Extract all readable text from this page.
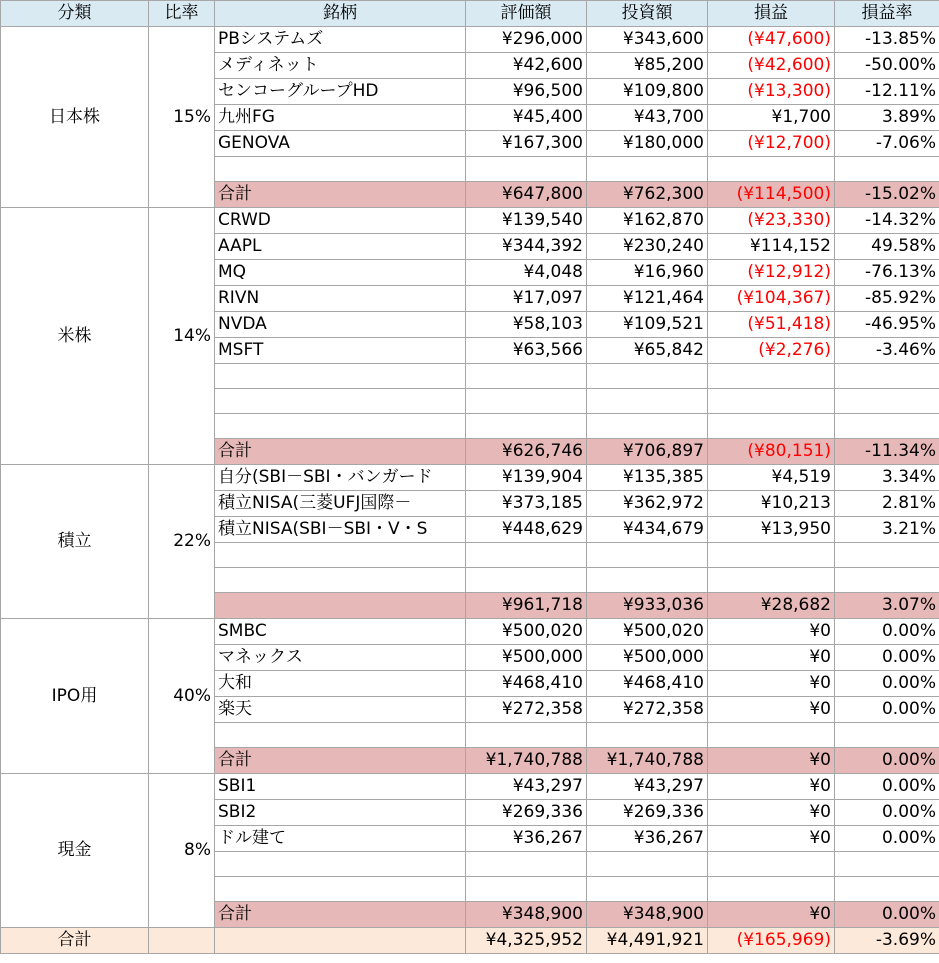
分類	比率	銘柄	評価額	投資額	損益	損益率
日本株	15%	PBシステムズ	¥296,000	¥343,600	(¥47,600)	-13.85%
		メディネット	¥42,600	¥85,200	(¥42,600)	-50.00%
		センコーグループHD	¥96,500	¥109,800	(¥13,300)	-12.11%
		九州FG	¥45,400	¥43,700	¥1,700	3.89%
		GENOVA	¥167,300	¥180,000	(¥12,700)	-7.06%

		合計	¥647,800	¥762,300	(¥114,500)	-15.02%
米株	14%	CRWD	¥139,540	¥162,870	(¥23,330)	-14.32%
		AAPL	¥344,392	¥230,240	¥114,152	49.58%
		MQ	¥4,048	¥16,960	(¥12,912)	-76.13%
		RIVN	¥17,097	¥121,464	(¥104,367)	-85.92%
		NVDA	¥58,103	¥109,521	(¥51,418)	-46.95%
		MSFT	¥63,566	¥65,842	(¥2,276)	-3.46%

		合計	¥626,746	¥706,897	(¥80,151)	-11.34%
積立	22%	自分(SBI－SBI・バンガード	¥139,904	¥135,385	¥4,519	3.34%
		積立NISA(三菱UFJ国際－	¥373,185	¥362,972	¥10,213	2.81%
		積立NISA(SBI－SBI・V・S	¥448,629	¥434,679	¥13,950	3.21%

			¥961,718	¥933,036	¥28,682	3.07%
IPO用	40%	SMBC	¥500,020	¥500,020	¥0	0.00%
		マネックス	¥500,000	¥500,000	¥0	0.00%
		大和	¥468,410	¥468,410	¥0	0.00%
		楽天	¥272,358	¥272,358	¥0	0.00%

		合計	¥1,740,788	¥1,740,788	¥0	0.00%
現金	8%	SBI1	¥43,297	¥43,297	¥0	0.00%
		SBI2	¥269,336	¥269,336	¥0	0.00%
		ドル建て	¥36,267	¥36,267	¥0	0.00%

		合計	¥348,900	¥348,900	¥0	0.00%
合計			¥4,325,952	¥4,491,921	(¥165,969)	-3.69%
